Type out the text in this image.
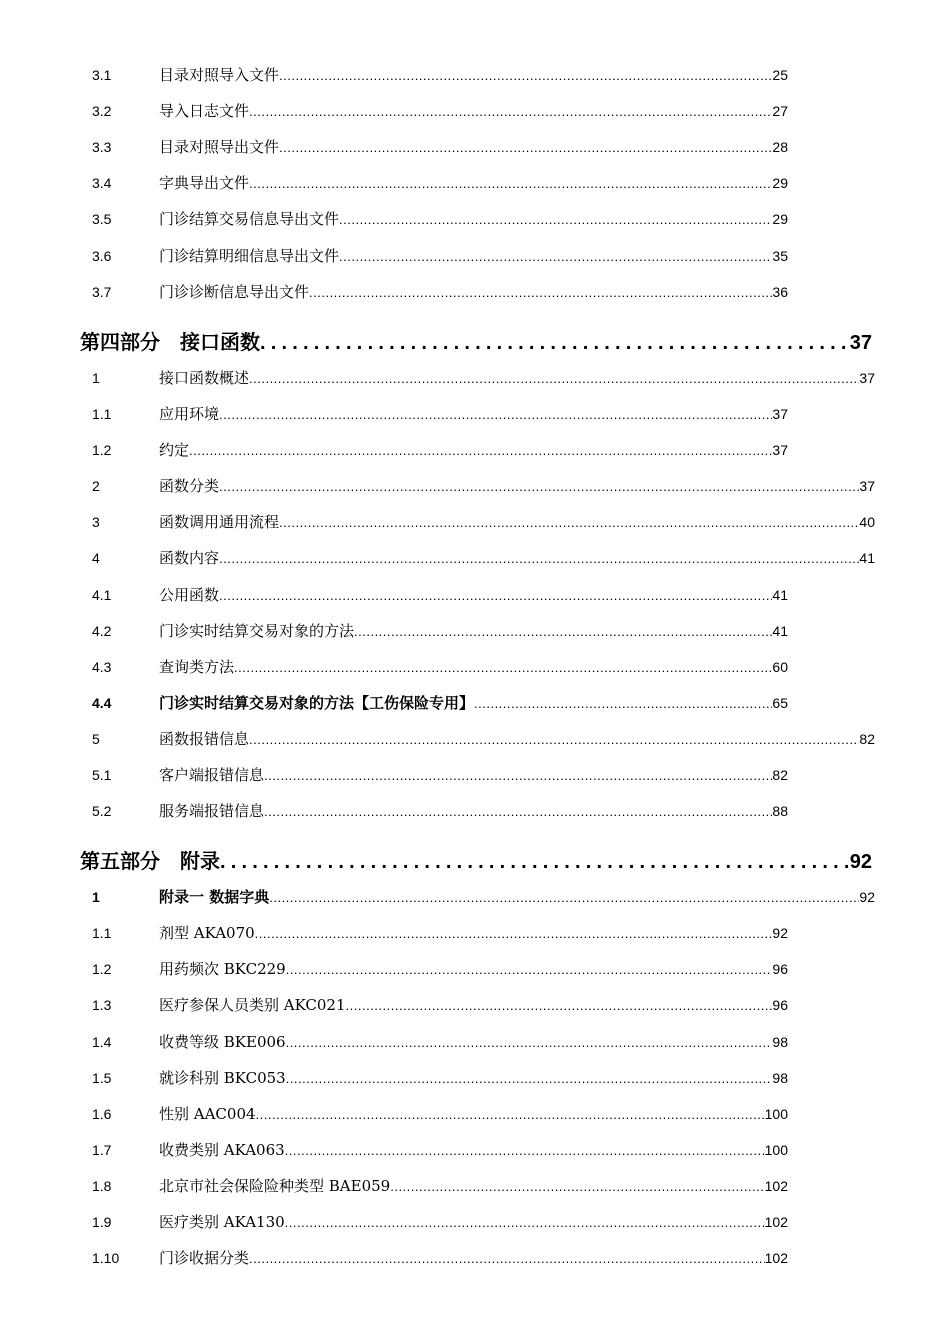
3.1	目录对照导入文件 .....	25
3.2	导入日志文件 .....	27
3.3	目录对照导出文件 .....	28
3.4	字典导出文件 .....	29
3.5	门诊结算交易信息导出文件 .....	29
3.6	门诊结算明细信息导出文件 .....	35
3.7	门诊诊断信息导出文件 .....	36
第四部分　接口函数 .....	37
1	接口函数概述 .....	37
1.1	应用环境 .....	37
1.2	约定 .....	37
2	函数分类 .....	37
3	函数调用通用流程 .....	40
4	函数内容 .....	41
4.1	公用函数 .....	41
4.2	门诊实时结算交易对象的方法 .....	41
4.3	查询类方法 .....	60
4.4	门诊实时结算交易对象的方法【工伤保险专用】 .....	65
5	函数报错信息 .....	82
5.1	客户端报错信息 .....	82
5.2	服务端报错信息 .....	88
第五部分　附录 .....	92
1	附录一 数据字典 .....	92
1.1	剂型 AKA070 .....	92
1.2	用药频次 BKC229 .....	96
1.3	医疗参保人员类别 AKC021 .....	96
1.4	收费等级 BKE006 .....	98
1.5	就诊科别 BKC053 .....	98
1.6	性别 AAC004 .....	100
1.7	收费类别 AKA063 .....	100
1.8	北京市社会保险险种类型 BAE059 .....	102
1.9	医疗类别 AKA130 .....	102
1.10	门诊收据分类 .....	102
